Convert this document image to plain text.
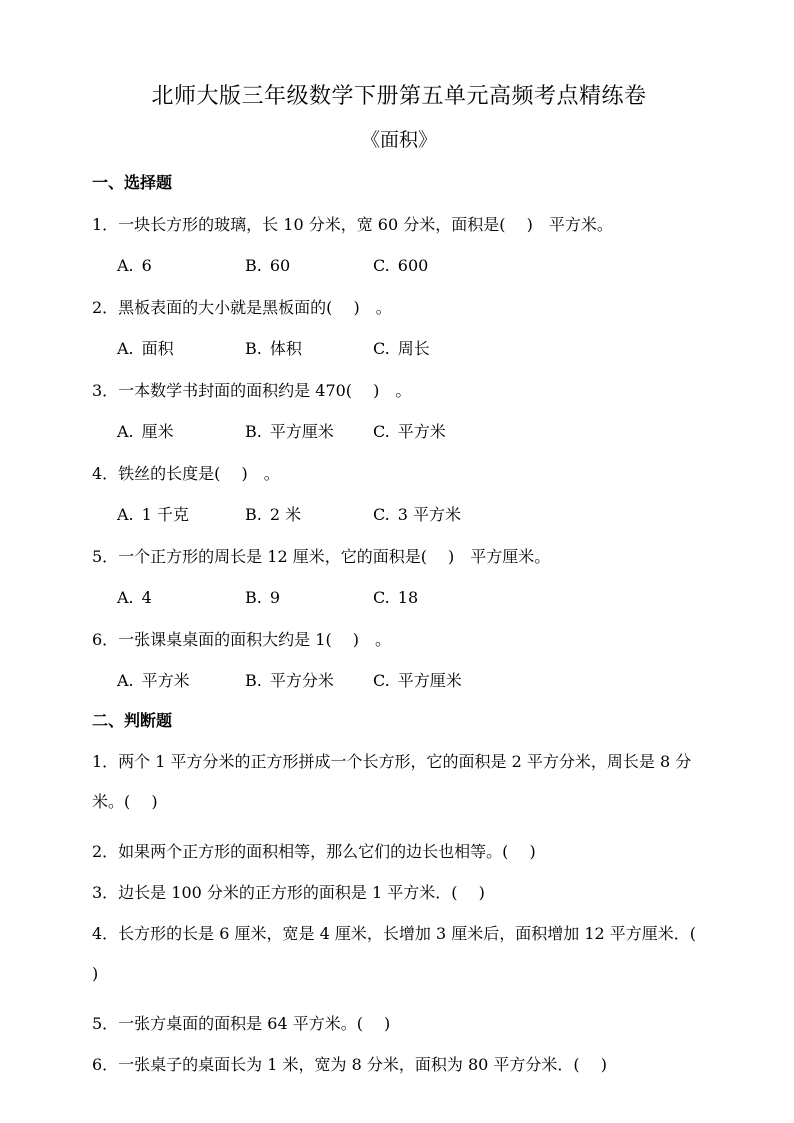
北师大版三年级数学下册第五单元高频考点精练卷
《面积》
一、选择题
1．一块长方形的玻璃，长 10 分米，宽 60 分米，面积是(　 )　平方米。
A. 6	B. 60	C. 600
2．黑板表面的大小就是黑板面的(　 )　。
A. 面积	B. 体积	C. 周长
3．一本数学书封面的面积约是 470(　 )　。
A. 厘米	B. 平方厘米	C. 平方米
4．铁丝的长度是(　 )　。
A. 1 千克	B. 2 米	C. 3 平方米
5．一个正方形的周长是 12 厘米，它的面积是(　 )　平方厘米。
A. 4	B. 9	C. 18
6．一张课桌桌面的面积大约是 1(　 )　。
A. 平方米	B. 平方分米	C. 平方厘米
二、判断题
1．两个 1 平方分米的正方形拼成一个长方形，它的面积是 2 平方分米，周长是 8 分米。(　 )
2．如果两个正方形的面积相等，那么它们的边长也相等。(　 )
3．边长是 100 分米的正方形的面积是 1 平方米．(　 )
4．长方形的长是 6 厘米，宽是 4 厘米，长增加 3 厘米后，面积增加 12 平方厘米．(　 )
5．一张方桌面的面积是 64 平方米。(　 )
6．一张桌子的桌面长为 1 米，宽为 8 分米，面积为 80 平方分米．(　 )
